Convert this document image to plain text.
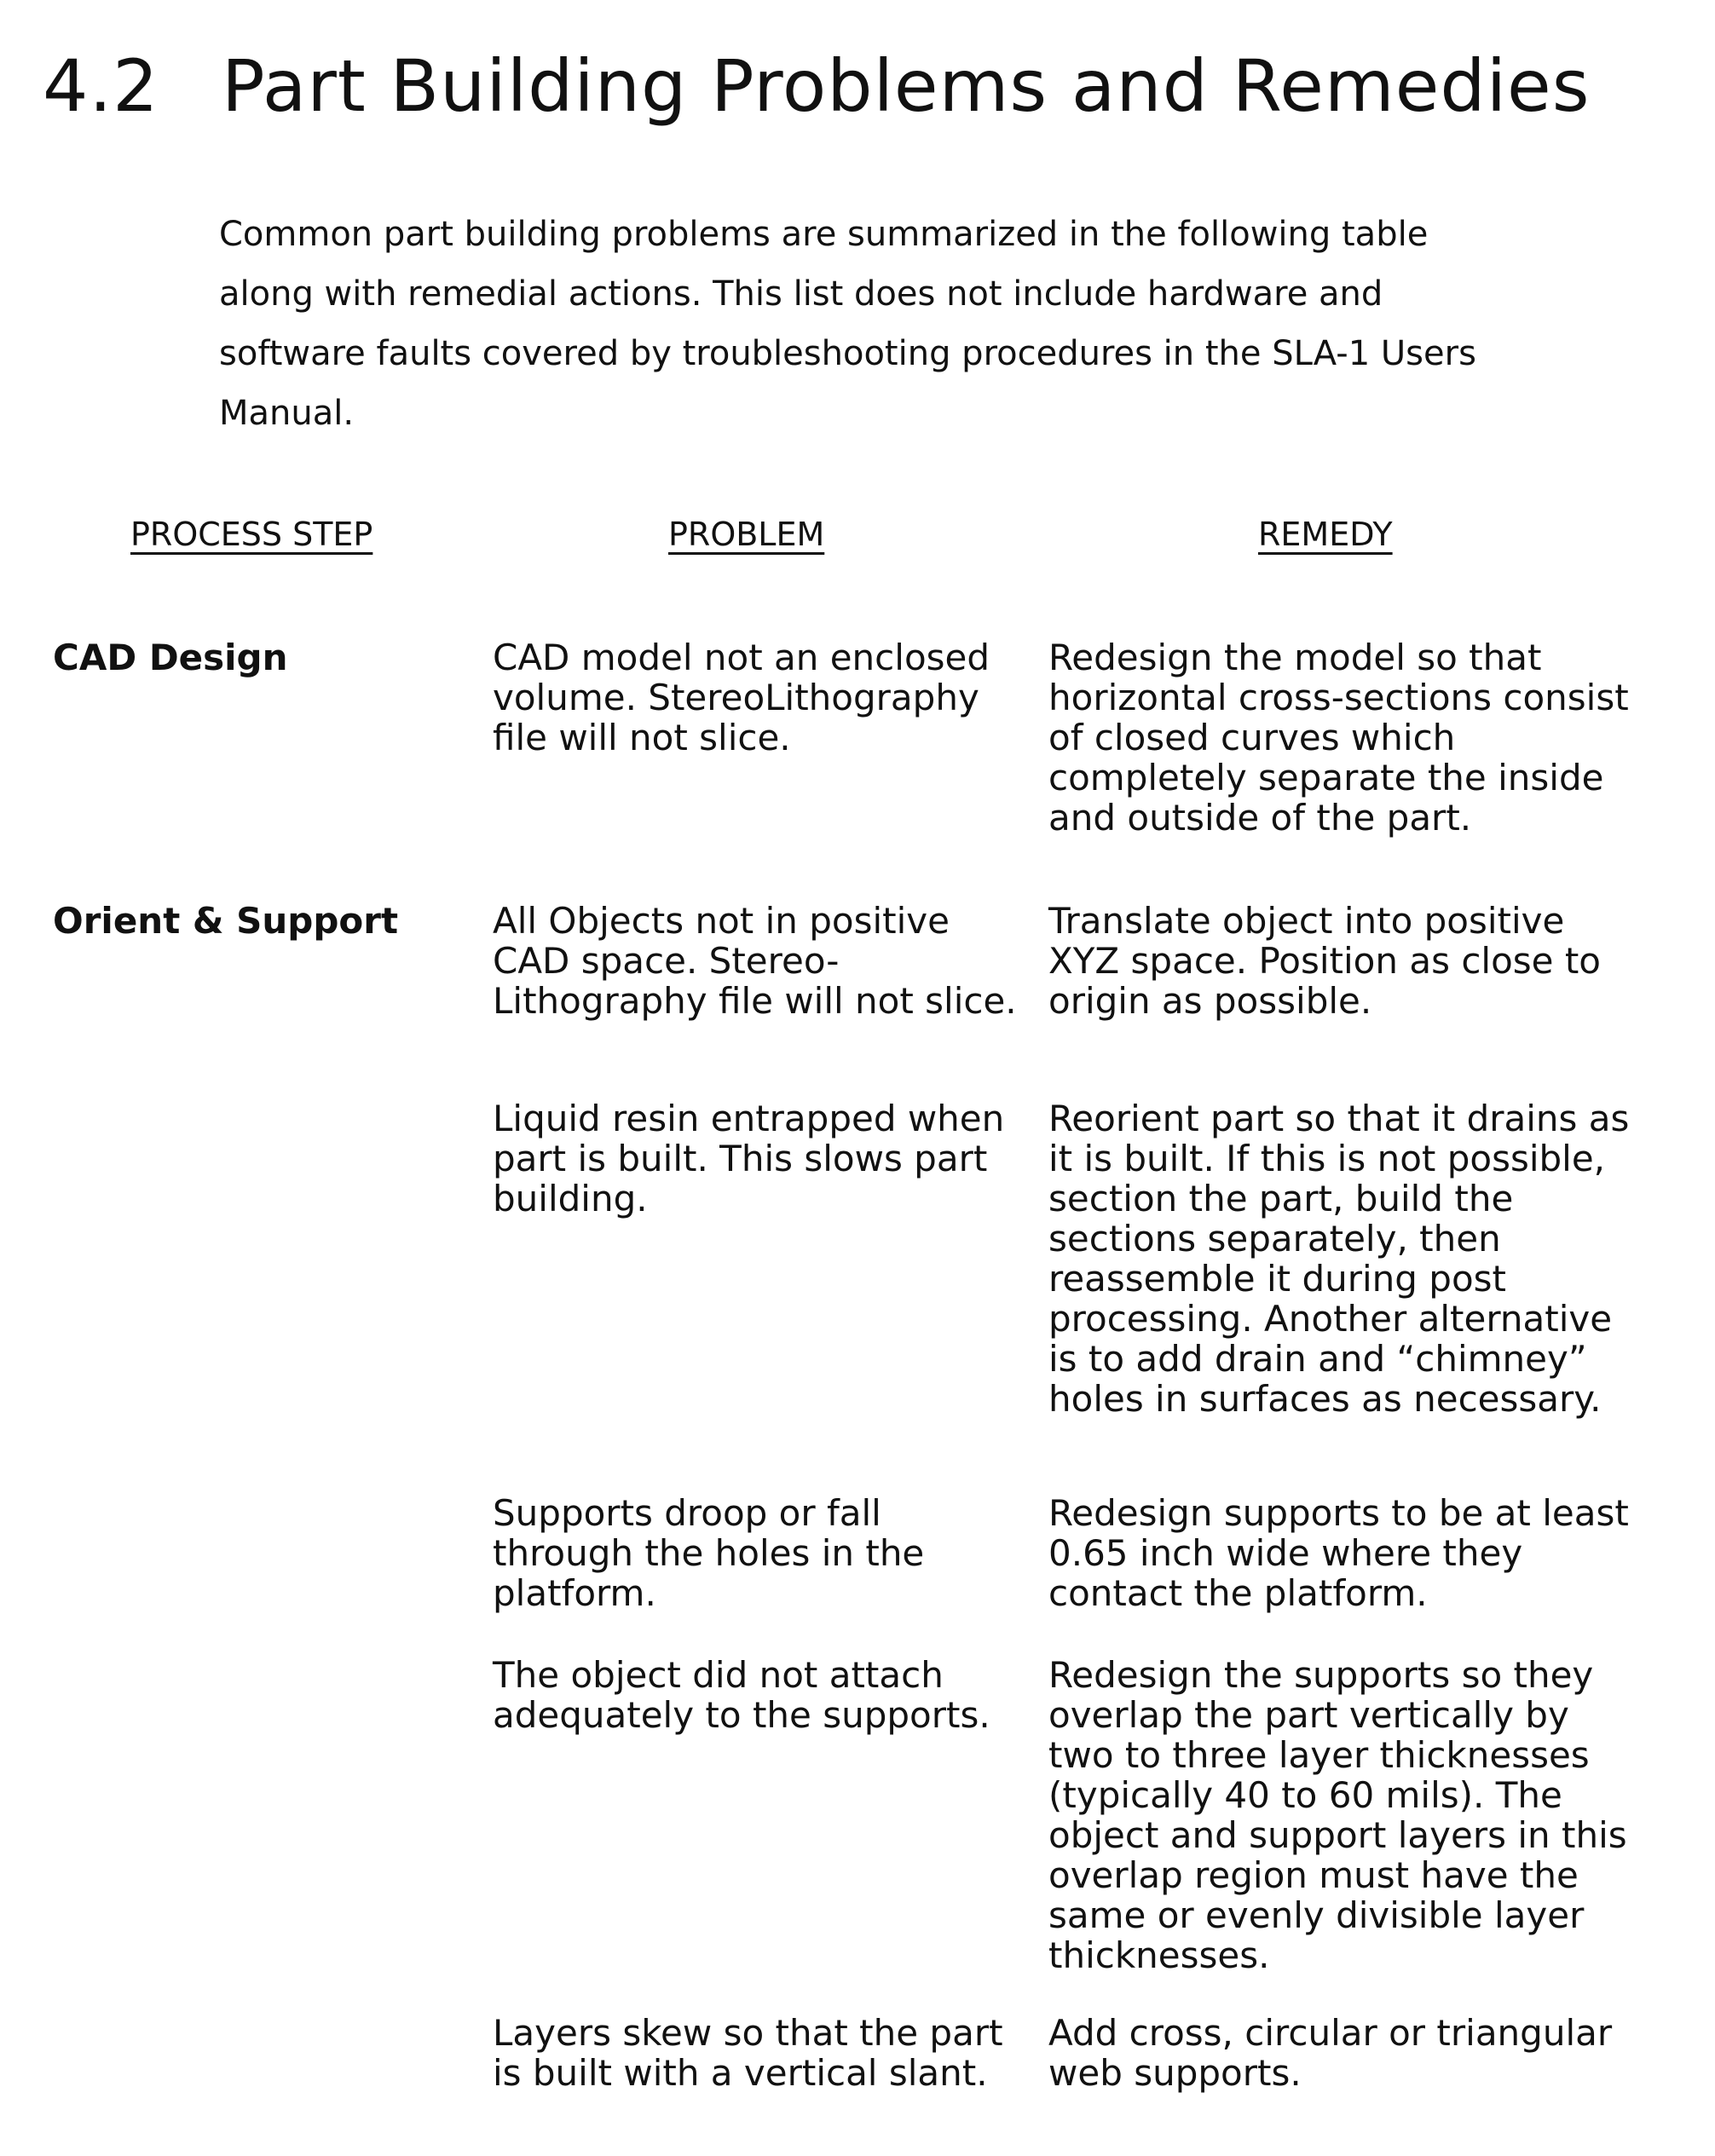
4.2 Part Building Problems and Remedies
Common part building problems are summarized in the following table
along with remedial actions. This list does not include hardware and
software faults covered by troubleshooting procedures in the SLA-1 Users
Manual.
PROCESS STEP	PROBLEM	REMEDY
CAD Design	CAD model not an enclosed volume. StereoLithography file will not slice.
Redesign the model so that horizontal cross-sections consist of closed curves which completely separate the inside and outside of the part.
Orient & Support	All Objects not in positive CAD space. Stereo-Lithography file will not slice.
Translate object into positive XYZ space. Position as close to origin as possible.
Liquid resin entrapped when part is built. This slows part building.
Reorient part so that it drains as it is built. If this is not possible, section the part, build the sections separately, then reassemble it during post processing. Another alternative is to add drain and “chimney” holes in surfaces as necessary.
Supports droop or fall through the holes in the platform.
Redesign supports to be at least 0.65 inch wide where they contact the platform.
The object did not attach adequately to the supports.
Redesign the supports so they overlap the part vertically by two to three layer thicknesses (typically 40 to 60 mils). The object and support layers in this overlap region must have the same or evenly divisible layer thicknesses.
Layers skew so that the part is built with a vertical slant.
Add cross, circular or triangular web supports.
